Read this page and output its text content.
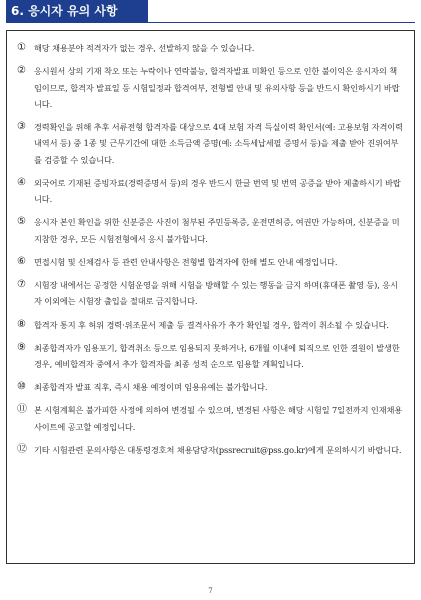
6. 응시자 유의 사항
① 해당 채용분야 적격자가 없는 경우, 선발하지 않을 수 있습니다.
② 응시원서 상의 기재 착오 또는 누락이나 연락불능, 합격자발표 미확인 등으로 인한 불이익은 응시자의 책임이므로, 합격자 발표일 등 시험일정과 합격여부, 전형별 안내 및 유의사항 등을 반드시 확인하시기 바랍니다.
③ 경력확인을 위해 추후 서류전형 합격자를 대상으로 4대 보험 자격 득실이력 확인서(예: 고용보험 자격이력내역서 등) 중 1종 및 근무기간에 대한 소득금액 증명(예: 소득세납세필 증명서 등)을 제출 받아 진위여부를 검증할 수 있습니다.
④ 외국어로 기재된 증빙자료(경력증명서 등)의 경우 반드시 한글 번역 및 번역 공증을 받아 제출하시기 바랍니다.
⑤ 응시자 본인 확인을 위한 신분증은 사진이 첨부된 주민등록증, 운전면허증, 여권만 가능하며, 신분증을 미지참한 경우, 모든 시험전형에서 응시 불가합니다.
⑥ 면접시험 및 신체검사 등 관련 안내사항은 전형별 합격자에 한해 별도 안내 예정입니다.
⑦ 시험장 내에서는 공정한 시험운영을 위해 시험을 방해할 수 있는 행동을 금지 하며(휴대폰 촬영 등), 응시자 이외에는 시험장 출입을 절대로 금지합니다.
⑧ 합격자 통지 후 허위 경력·위조문서 제출 등 결격사유가 추가 확인될 경우, 합격이 취소될 수 있습니다.
⑨ 최종합격자가 임용포기, 합격취소 등으로 임용되지 못하거나, 6개월 이내에 퇴직으로 인한 결원이 발생한 경우, 예비합격자 중에서 추가 합격자를 최종 성적 순으로 임용할 계획입니다.
⑩ 최종합격자 발표 직후, 즉시 채용 예정이며 임용유예는 불가합니다.
⑪ 본 시험계획은 불가피한 사정에 의하여 변경될 수 있으며, 변경된 사항은 해당 시험일 7일전까지 인재채용사이트에 공고할 예정입니다.
⑫ 기타 시험관련 문의사항은 대통령경호처 채용담당자(pssrecruit@pss.go.kr)에게 문의하시기 바랍니다.
7
